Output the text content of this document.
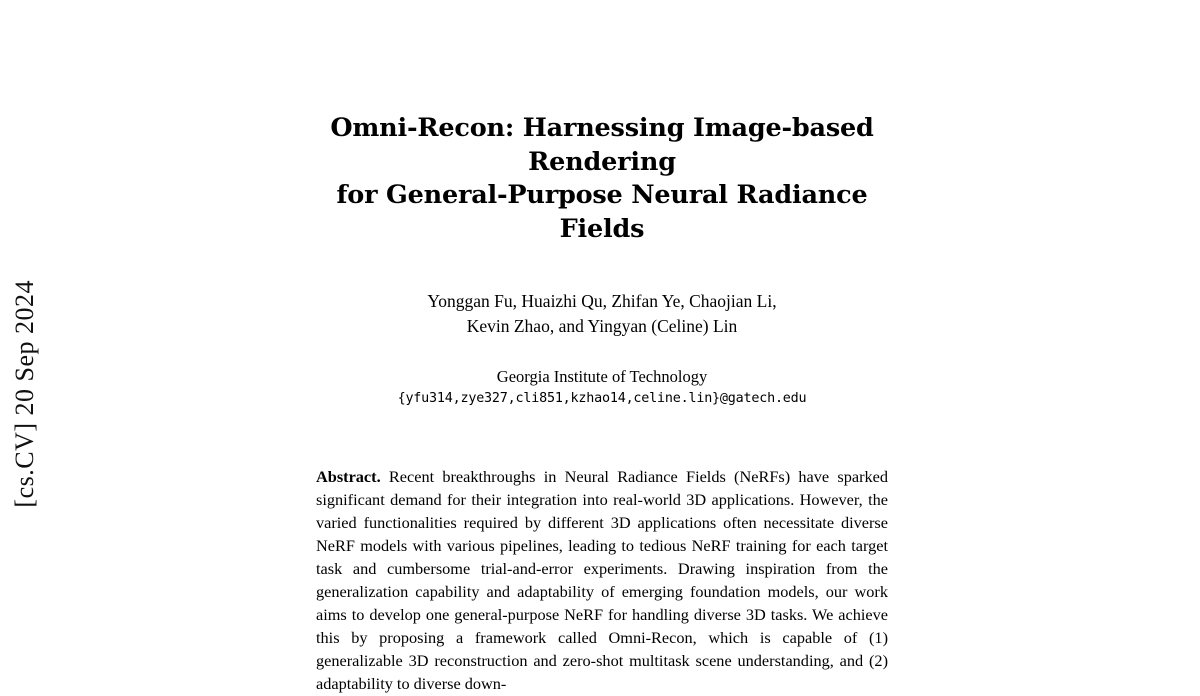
[cs.CV] 20 Sep 2024
Omni-Recon: Harnessing Image-based Rendering
for General-Purpose Neural Radiance Fields
Yonggan Fu, Huaizhi Qu, Zhifan Ye, Chaojian Li,
Kevin Zhao, and Yingyan (Celine) Lin
Georgia Institute of Technology
{yfu314,zye327,cli851,kzhao14,celine.lin}@gatech.edu
Abstract. Recent breakthroughs in Neural Radiance Fields (NeRFs) have sparked significant demand for their integration into real-world 3D applications. However, the varied functionalities required by different 3D applications often necessitate diverse NeRF models with various pipelines, leading to tedious NeRF training for each target task and cumbersome trial-and-error experiments. Drawing inspiration from the generalization capability and adaptability of emerging foundation models, our work aims to develop one general-purpose NeRF for handling diverse 3D tasks. We achieve this by proposing a framework called Omni-Recon, which is capable of (1) generalizable 3D reconstruction and zero-shot multitask scene understanding, and (2) adaptability to diverse down-
